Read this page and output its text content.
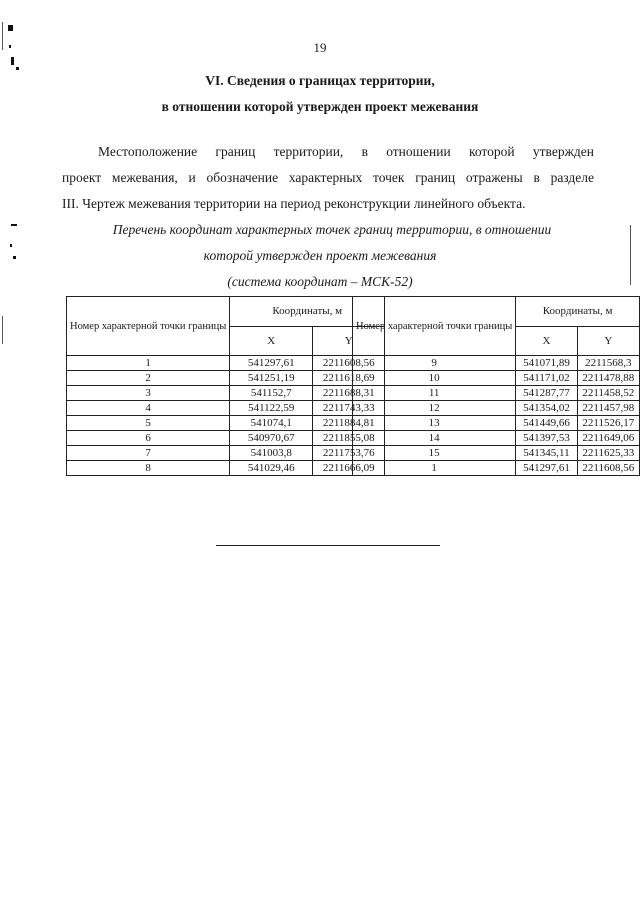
19
VI. Сведения о границах территории,
в отношении которой утвержден проект межевания

Местоположение границ территории, в отношении которой утвержден

проект межевания, и обозначение характерных точек границ отражены в разделе

III. Чертеж межевания территории на период реконструкции линейного объекта.

Перечень координат характерных точек границ территории, в отношении
которой утвержден проект межевания
(система координат – МСК-52)
Номер характерной точки границы	Координаты, м	
	X	Y
1	541297,61	2211608,56
2	541251,19	2211618,69
3	541152,7	2211688,31
4	541122,59	2211743,33
5	541074,1	2211884,81
6	540970,67	2211855,08
7	541003,8	2211753,76
8	541029,46	2211666,09
Номер характерной точки границы	Координаты, м	
	X	Y
9	541071,89	2211568,3
10	541171,02	2211478,88
11	541287,77	2211458,52
12	541354,02	2211457,98
13	541449,66	2211526,17
14	541397,53	2211649,06
15	541345,11	2211625,33
1	541297,61	2211608,56
